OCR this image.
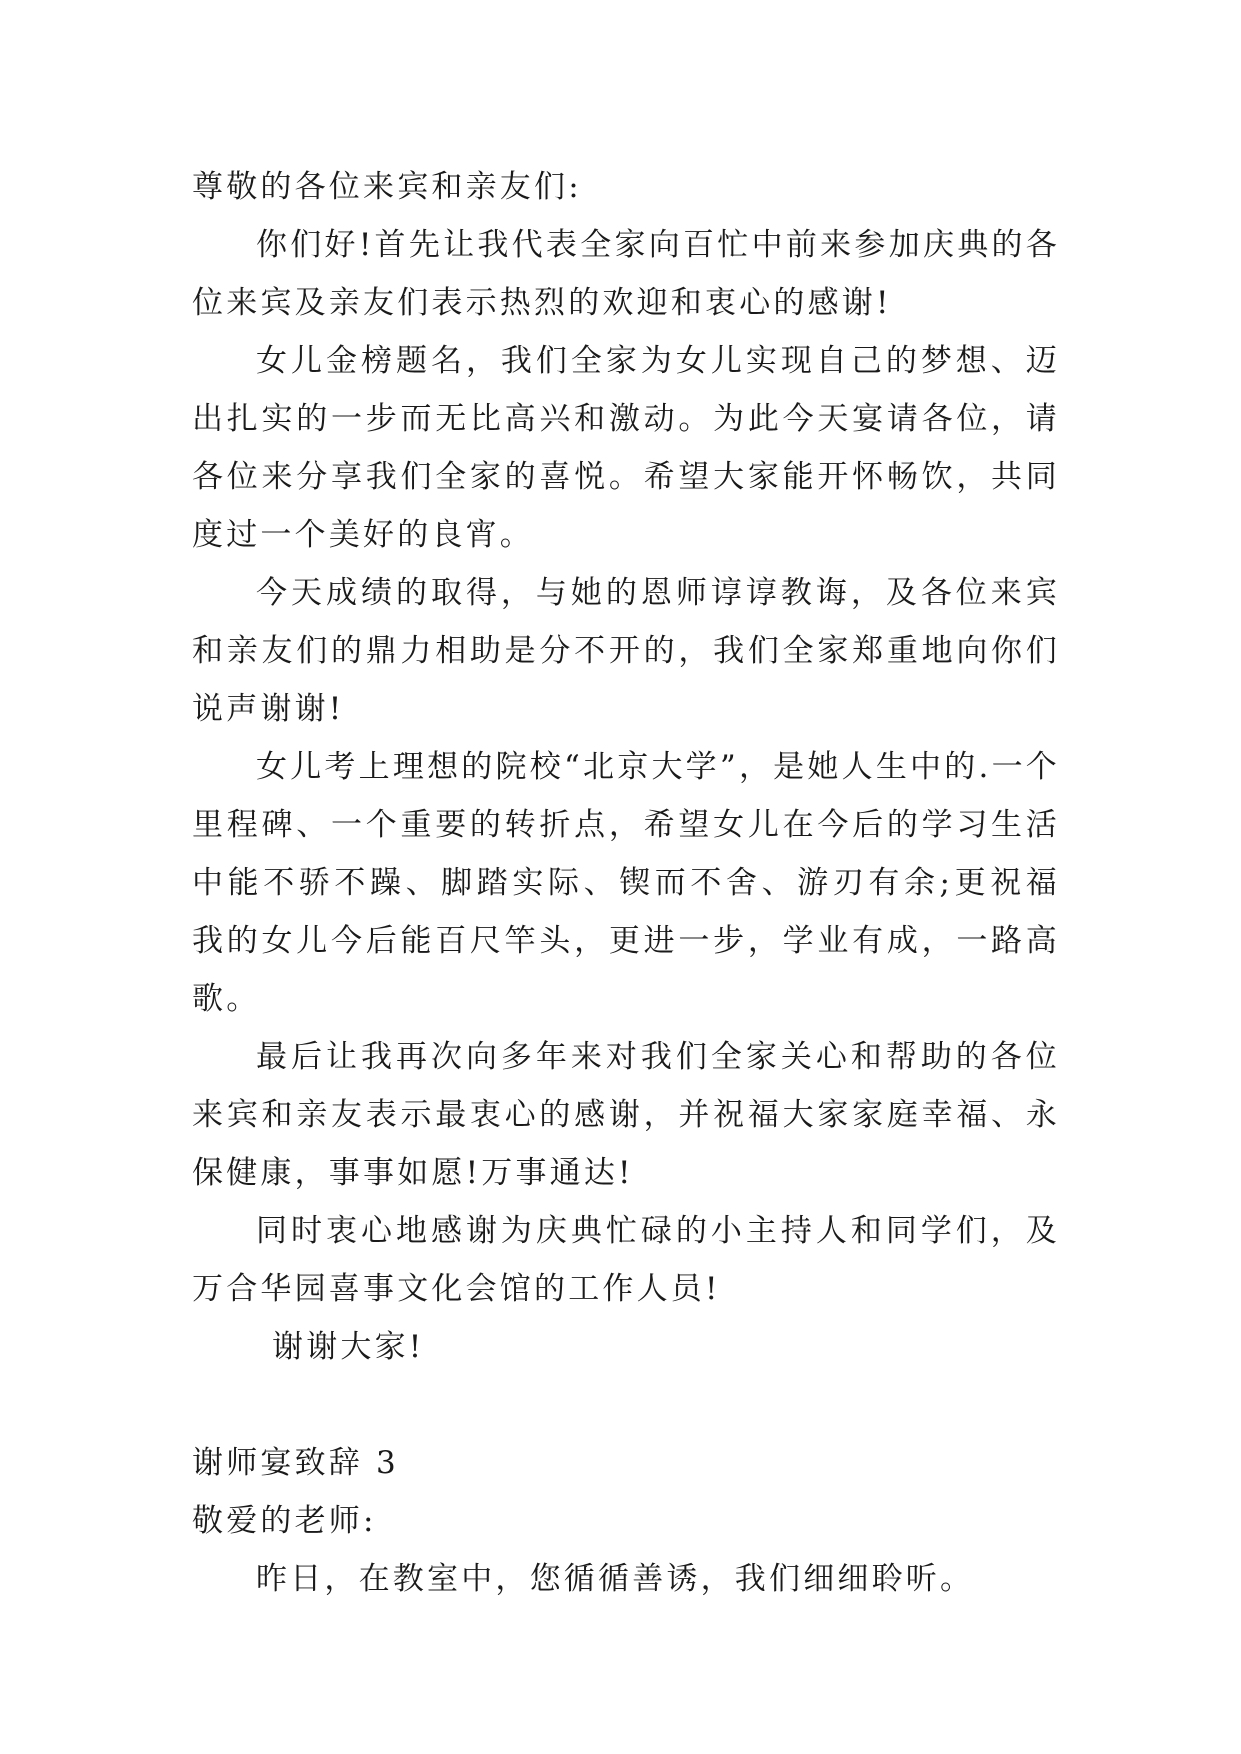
尊敬的各位来宾和亲友们:

你们好!首先让我代表全家向百忙中前来参加庆典的各位来宾及亲友们表示热烈的欢迎和衷心的感谢!

女儿金榜题名，我们全家为女儿实现自己的梦想、迈出扎实的一步而无比高兴和激动。为此今天宴请各位，请各位来分享我们全家的喜悦。希望大家能开怀畅饮，共同度过一个美好的良宵。

今天成绩的取得，与她的恩师谆谆教诲，及各位来宾和亲友们的鼎力相助是分不开的，我们全家郑重地向你们说声谢谢!

女儿考上理想的院校“北京大学”，是她人生中的.一个里程碑、一个重要的转折点，希望女儿在今后的学习生活中能不骄不躁、脚踏实际、锲而不舍、游刃有余;更祝福我的女儿今后能百尺竿头，更进一步，学业有成，一路高歌。

最后让我再次向多年来对我们全家关心和帮助的各位来宾和亲友表示最衷心的感谢，并祝福大家家庭幸福、永保健康，事事如愿!万事通达!

同时衷心地感谢为庆典忙碌的小主持人和同学们，及万合华园喜事文化会馆的工作人员!

谢谢大家!

谢师宴致辞 3

敬爱的老师:

昨日，在教室中，您循循善诱，我们细细聆听。
